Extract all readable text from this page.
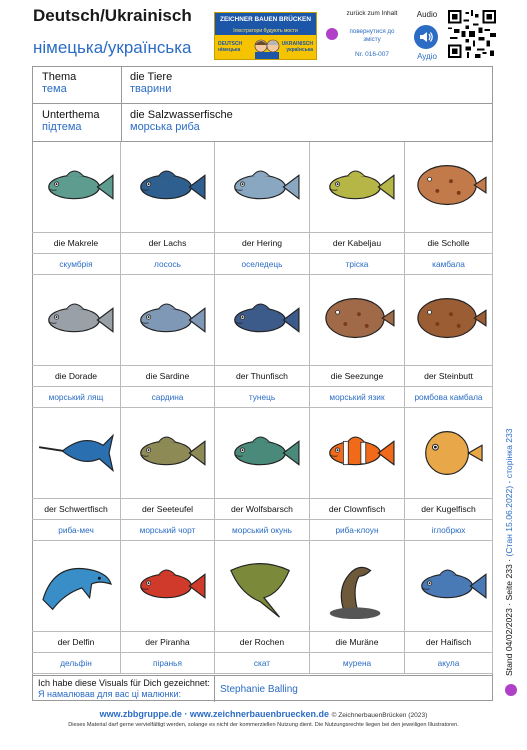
Deutsch/Ukrainisch
німецька/українська
ZEICHNER BAUEN BRÜCKEN
Ілюстратори будують мости
DEUTSCH
німецька
UKRAINISCH
українська
zurück zum Inhalt
повернутися до змісту
Nr. 016-007
Audio
Аудіо
Thema
тема
die Tiere
тварини
Unterthema
підтема
die Salzwasserfische
морська риба
die Makrele
скумбрія
der Lachs
лосось
der Hering
оселедець
der Kabeljau
тріска
die Scholle
камбала
die Dorade
морський лящ
die Sardine
сардина
der Thunfisch
тунець
die Seezunge
морський язик
der Steinbutt
ромбова камбала
der Schwertfisch
риба-меч
der Seeteufel
морський чорт
der Wolfsbarsch
морський окунь
der Clownfisch
риба-клоун
der Kugelfisch
іглобрюх
der Delfin
дельфін
der Piranha
піранья
der Rochen
скат
die Muräne
мурена
der Haifisch
акула
Ich habe diese Visuals für Dich gezeichnet:
Я намалював для вас ці малюнки:	Stephanie Balling
Stand 04/02/2023 · Seite 233 · (Стан 15.06.2022) - сторінка 233
www.zbbgruppe.de · www.zeichnerbauenbruecken.de © ZeichnerbauenBrücken (2023)
Dieses Material darf gerne vervielfältigt werden, solange es nicht der kommerziellen Nutzung dient. Die Nutzungsrechte liegen bei den jeweiligen Illustratoren.
